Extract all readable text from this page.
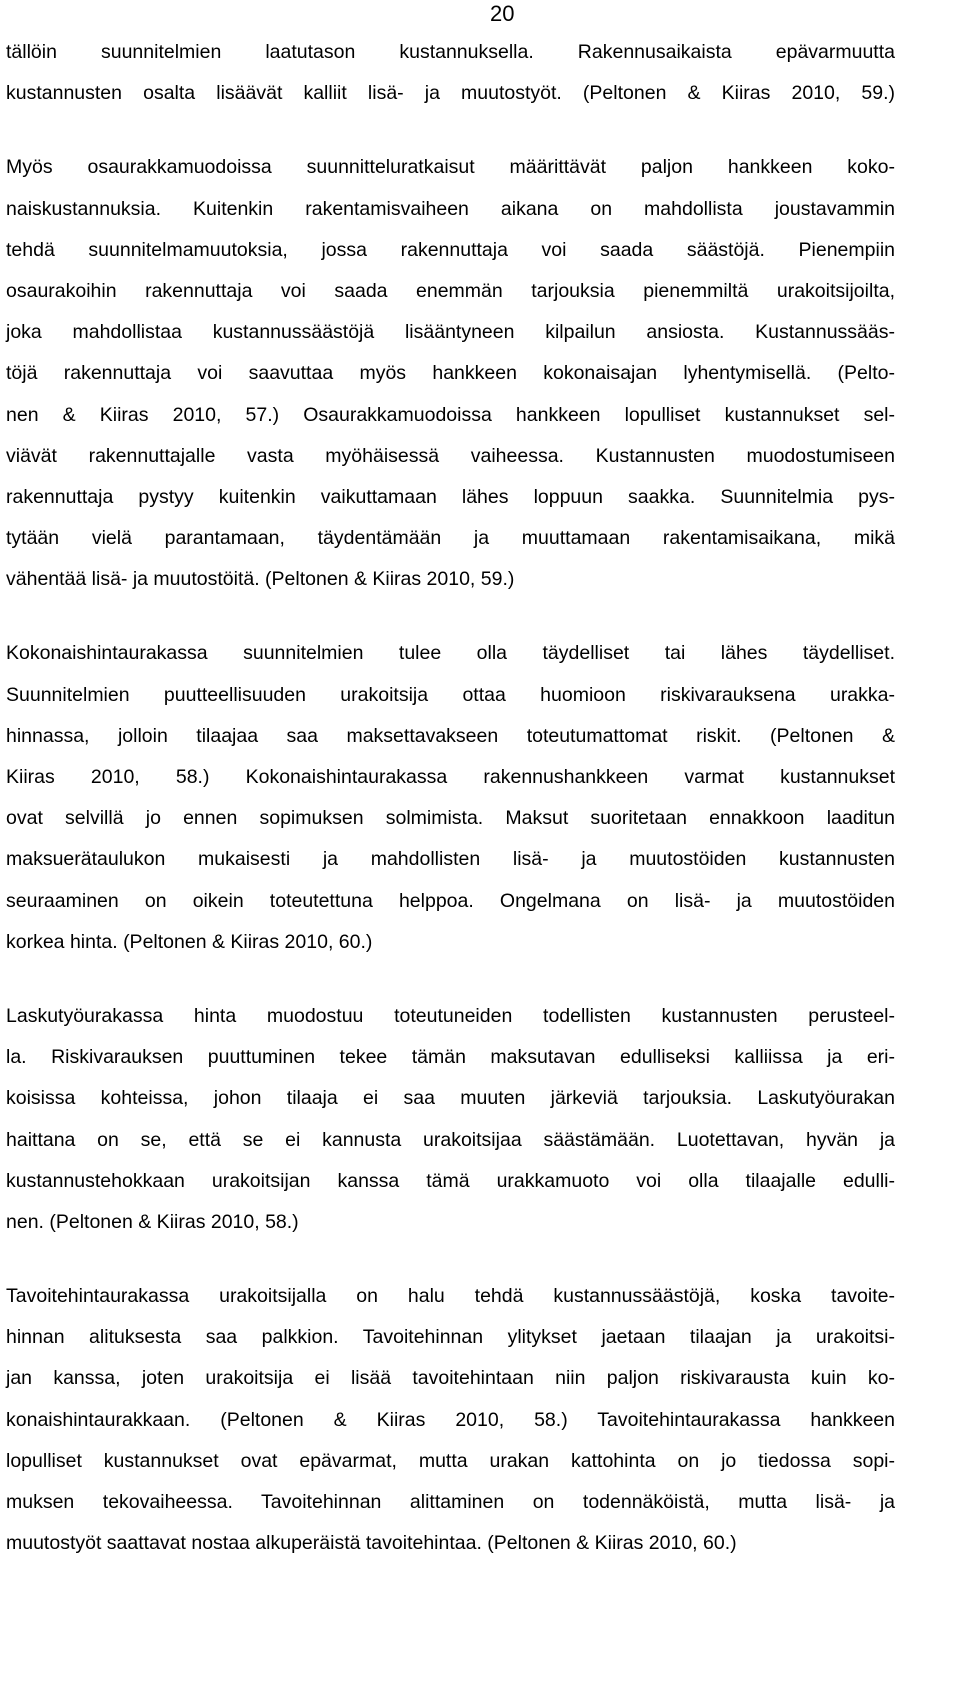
20
tällöin suunnitelmien laatutason kustannuksella. Rakennusaikaista epävarmuutta
kustannusten osalta lisäävät kalliit lisä- ja muutostyöt. (Peltonen & Kiiras 2010, 59.)
Myös osaurakkamuodoissa suunnitteluratkaisut määrittävät paljon hankkeen koko-
naiskustannuksia. Kuitenkin rakentamisvaiheen aikana on mahdollista joustavammin
tehdä suunnitelmamuutoksia, jossa rakennuttaja voi saada säästöjä. Pienempiin
osaurakoihin rakennuttaja voi saada enemmän tarjouksia pienemmiltä urakoitsijoilta,
joka mahdollistaa kustannussäästöjä lisääntyneen kilpailun ansiosta. Kustannussääs-
töjä rakennuttaja voi saavuttaa myös hankkeen kokonaisajan lyhentymisellä. (Pelto-
nen & Kiiras 2010, 57.) Osaurakkamuodoissa hankkeen lopulliset kustannukset sel-
viävät rakennuttajalle vasta myöhäisessä vaiheessa. Kustannusten muodostumiseen
rakennuttaja pystyy kuitenkin vaikuttamaan lähes loppuun saakka. Suunnitelmia pys-
tytään vielä parantamaan, täydentämään ja muuttamaan rakentamisaikana, mikä
vähentää lisä- ja muutostöitä. (Peltonen & Kiiras 2010, 59.)
Kokonaishintaurakassa suunnitelmien tulee olla täydelliset tai lähes täydelliset.
Suunnitelmien puutteellisuuden urakoitsija ottaa huomioon riskivarauksena urakka-
hinnassa, jolloin tilaajaa saa maksettavakseen toteutumattomat riskit. (Peltonen &
Kiiras 2010, 58.) Kokonaishintaurakassa rakennushankkeen varmat kustannukset
ovat selvillä jo ennen sopimuksen solmimista. Maksut suoritetaan ennakkoon laaditun
maksuerätaulukon mukaisesti ja mahdollisten lisä- ja muutostöiden kustannusten
seuraaminen on oikein toteutettuna helppoa. Ongelmana on lisä- ja muutostöiden
korkea hinta. (Peltonen & Kiiras 2010, 60.)
Laskutyöurakassa hinta muodostuu toteutuneiden todellisten kustannusten perusteel-
la. Riskivarauksen puuttuminen tekee tämän maksutavan edulliseksi kalliissa ja eri-
koisissa kohteissa, johon tilaaja ei saa muuten järkeviä tarjouksia. Laskutyöurakan
haittana on se, että se ei kannusta urakoitsijaa säästämään. Luotettavan, hyvän ja
kustannustehokkaan urakoitsijan kanssa tämä urakkamuoto voi olla tilaajalle edulli-
nen. (Peltonen & Kiiras 2010, 58.)
Tavoitehintaurakassa urakoitsijalla on halu tehdä kustannussäästöjä, koska tavoite-
hinnan alituksesta saa palkkion. Tavoitehinnan ylitykset jaetaan tilaajan ja urakoitsi-
jan kanssa, joten urakoitsija ei lisää tavoitehintaan niin paljon riskivarausta kuin ko-
konaishintaurakkaan. (Peltonen & Kiiras 2010, 58.) Tavoitehintaurakassa hankkeen
lopulliset kustannukset ovat epävarmat, mutta urakan kattohinta on jo tiedossa sopi-
muksen tekovaiheessa. Tavoitehinnan alittaminen on todennäköistä, mutta lisä- ja
muutostyöt saattavat nostaa alkuperäistä tavoitehintaa. (Peltonen & Kiiras 2010, 60.)
